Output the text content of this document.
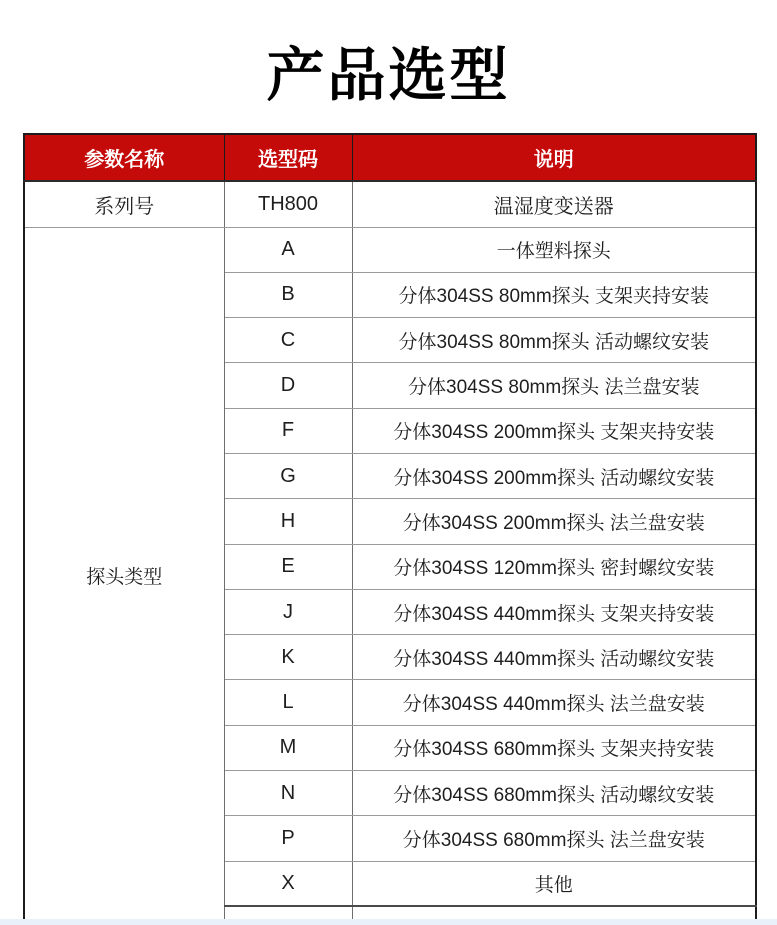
产品选型
参数名称	选型码	说明
系列号	TH800	温湿度变送器
探头类型	A	一体塑料探头
	B	分体304SS 80mm探头 支架夹持安装
	C	分体304SS 80mm探头 活动螺纹安装
	D	分体304SS 80mm探头 法兰盘安装
	F	分体304SS 200mm探头 支架夹持安装
	G	分体304SS 200mm探头 活动螺纹安装
	H	分体304SS 200mm探头 法兰盘安装
	E	分体304SS 120mm探头 密封螺纹安装
	J	分体304SS 440mm探头 支架夹持安装
	K	分体304SS 440mm探头 活动螺纹安装
	L	分体304SS 440mm探头 法兰盘安装
	M	分体304SS 680mm探头 支架夹持安装
	N	分体304SS 680mm探头 活动螺纹安装
	P	分体304SS 680mm探头 法兰盘安装
	X	其他
